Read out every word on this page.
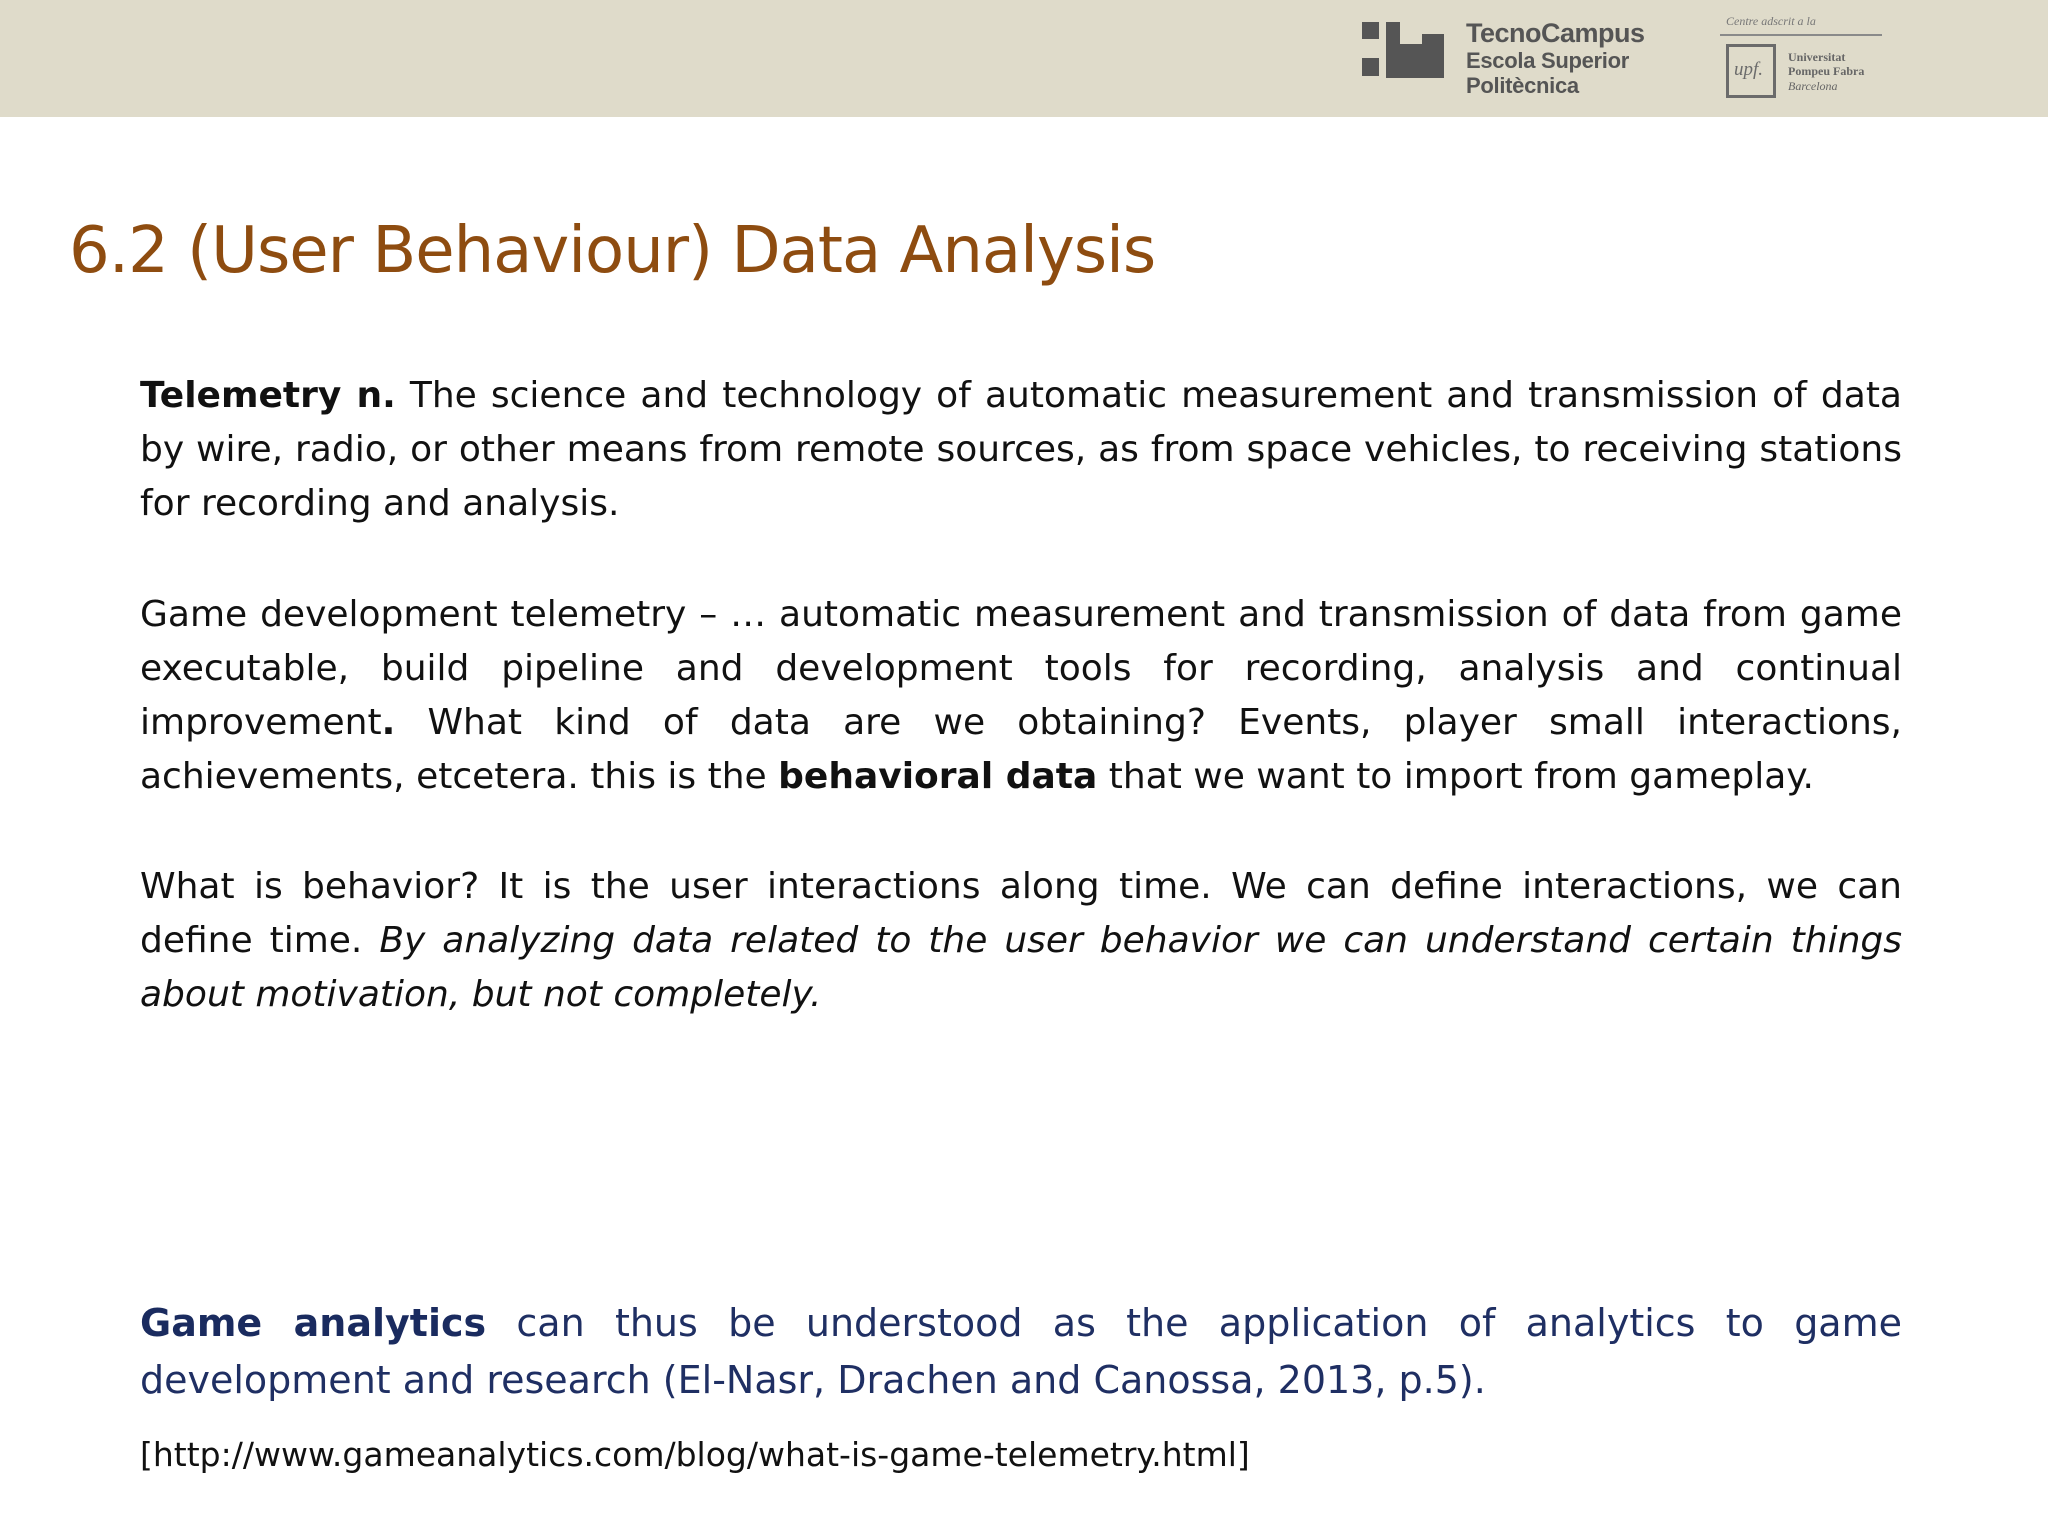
TecnoCampus
Escola Superior
Politècnica
Centre adscrit a la
upf.
Universitat
Pompeu Fabra
Barcelona
6.2 (User Behaviour) Data Analysis

Telemetry n. The science and technology of automatic measurement and transmission of data by wire, radio, or other means from remote sources, as from space vehicles, to receiving stations for recording and analysis.

Game development telemetry – … automatic measurement and transmission of data from game executable, build pipeline and development tools for recording, analysis and continual improvement. What kind of data are we obtaining? Events, player small interactions, achievements, etcetera. this is the behavioral data that we want to import from gameplay.

What is behavior? It is the user interactions along time. We can define interactions, we can define time. By analyzing data related to the user behavior we can understand certain things about motivation, but not completely.

Game analytics can thus be understood as the application of analytics to game development and research (El-Nasr, Drachen and Canossa, 2013, p.5).

[http://www.gameanalytics.com/blog/what-is-game-telemetry.html]
